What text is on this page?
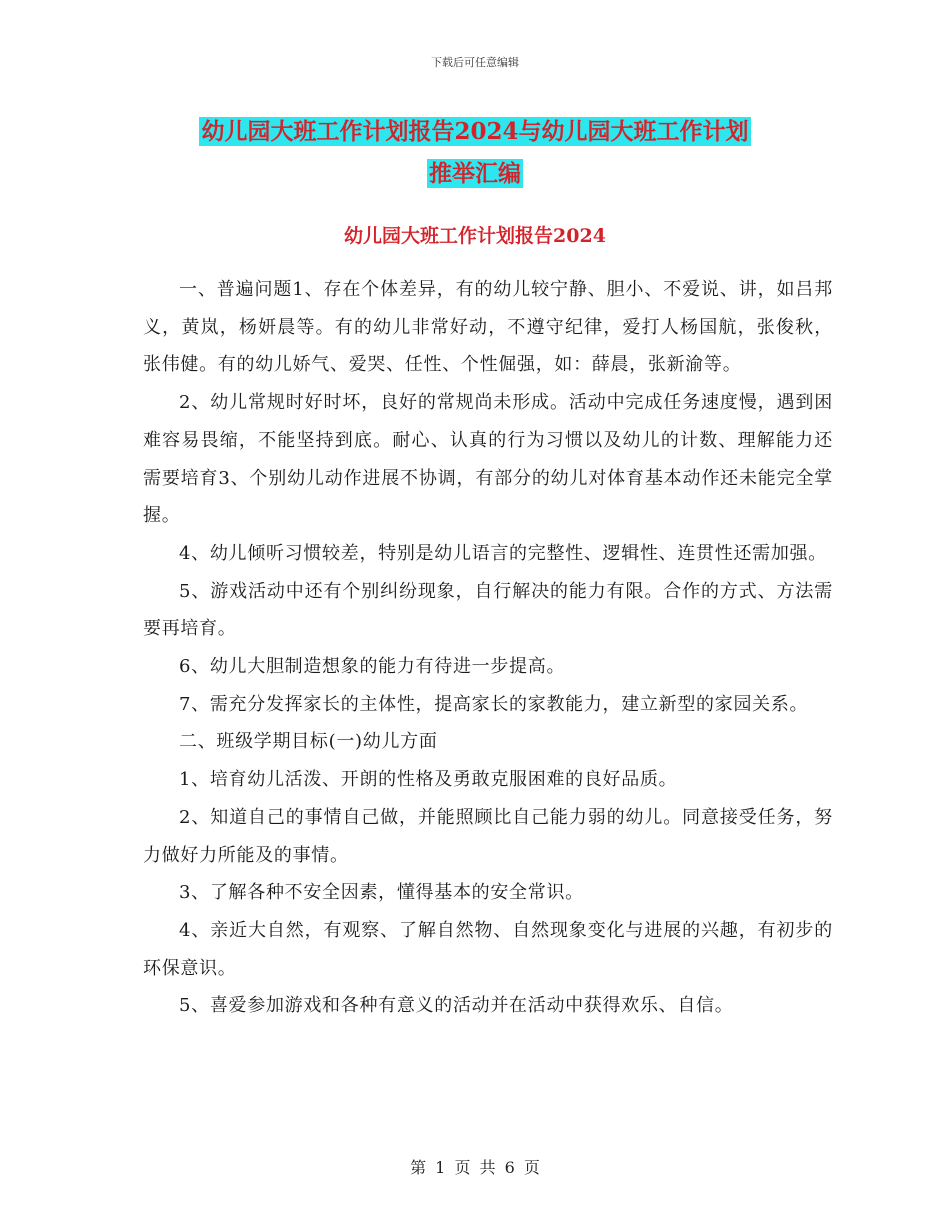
下载后可任意编辑
幼儿园大班工作计划报告2024与幼儿园大班工作计划
推举汇编
幼儿园大班工作计划报告2024

一、普遍问题1、存在个体差异，有的幼儿较宁静、胆小、不爱说、讲，如吕邦义，黄岚，杨妍晨等。有的幼儿非常好动，不遵守纪律，爱打人杨国航，张俊秋，张伟健。有的幼儿娇气、爱哭、任性、个性倔强，如：薛晨，张新渝等。

2、幼儿常规时好时坏，良好的常规尚未形成。活动中完成任务速度慢，遇到困难容易畏缩，不能坚持到底。耐心、认真的行为习惯以及幼儿的计数、理解能力还需要培育3、个别幼儿动作进展不协调，有部分的幼儿对体育基本动作还未能完全掌握。

4、幼儿倾听习惯较差，特别是幼儿语言的完整性、逻辑性、连贯性还需加强。

5、游戏活动中还有个别纠纷现象，自行解决的能力有限。合作的方式、方法需要再培育。

6、幼儿大胆制造想象的能力有待进一步提高。

7、需充分发挥家长的主体性，提高家长的家教能力，建立新型的家园关系。

二、班级学期目标(一)幼儿方面

1、培育幼儿活泼、开朗的性格及勇敢克服困难的良好品质。

2、知道自己的事情自己做，并能照顾比自己能力弱的幼儿。同意接受任务，努力做好力所能及的事情。

3、了解各种不安全因素，懂得基本的安全常识。

4、亲近大自然，有观察、了解自然物、自然现象变化与进展的兴趣，有初步的环保意识。

5、喜爱参加游戏和各种有意义的活动并在活动中获得欢乐、自信。

第 1 页 共 6 页
